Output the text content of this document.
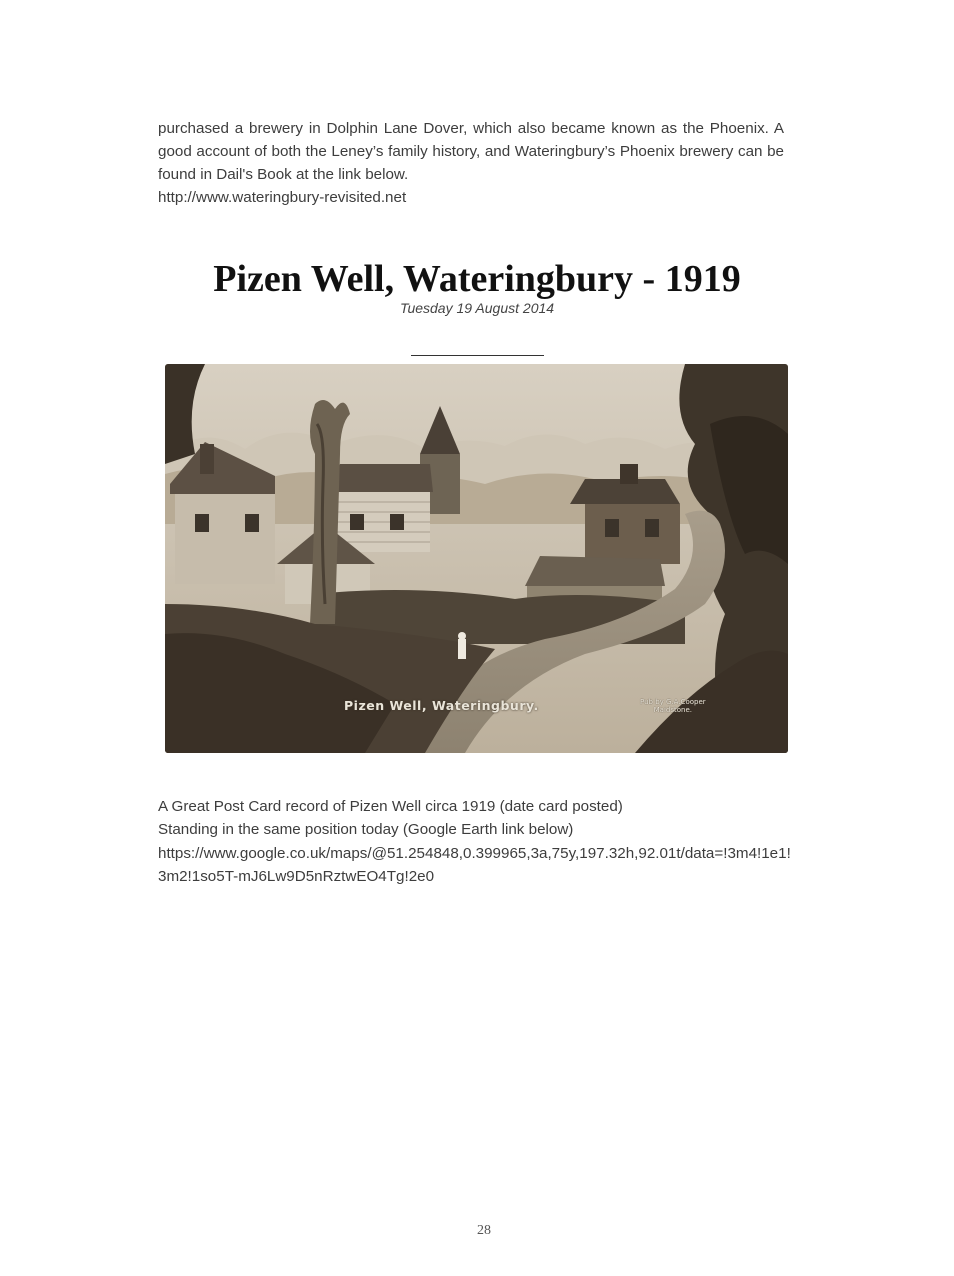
purchased a brewery in Dolphin Lane Dover, which also became known as the Phoenix. A good account of both the Leney’s family history, and Wateringbury’s Phoenix brewery can be found in Dail's Book at the link below.

http://www.wateringbury-revisited.net

Pizen Well, Wateringbury - 1919
Tuesday 19 August 2014
Pizen Well, Wateringbury.	Pub by G.A.Cooper
Maidstone.

A Great Post Card record of Pizen Well circa 1919 (date card posted)

Standing in the same position today (Google Earth link below)

https://www.google.co.uk/maps/@51.254848,0.399965,3a,75y,197.32h,92.01t/data=!3m4!1e1!3m2!1so5T-mJ6Lw9D5nRztwEO4Tg!2e0

28
